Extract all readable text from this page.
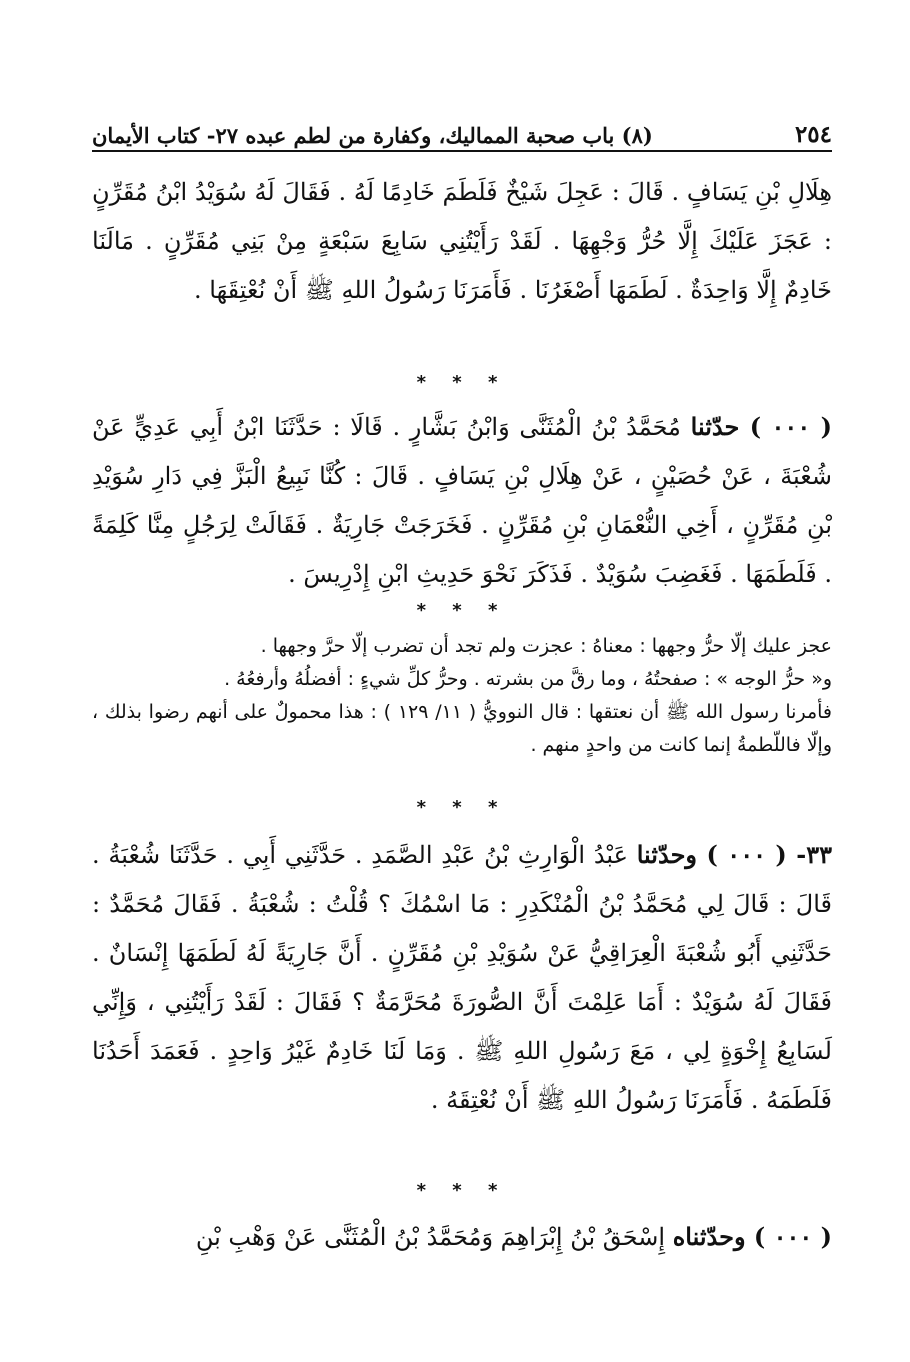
٢٥٤
(٨) باب صحبة المماليك، وكفارة من لطم عبده ٢٧- كتاب الأيمان

هِلَالِ بْنِ يَسَافٍ . قَالَ : عَجِلَ شَيْخٌ فَلَطَمَ خَادِمًا لَهُ . فَقَالَ لَهُ سُوَيْدُ ابْنُ مُقَرِّنٍ : عَجَزَ عَلَيْكَ إِلَّا حُرُّ وَجْهِهَا . لَقَدْ رَأَيْتُنِي سَابِعَ سَبْعَةٍ مِنْ بَنِي مُقَرِّنٍ . مَالَنَا خَادِمٌ إِلَّا وَاحِدَةٌ . لَطَمَهَا أَصْغَرُنَا . فَأَمَرَنَا رَسُولُ اللهِ ﷺ أَنْ نُعْتِقَهَا .

* * *

( ٠٠٠ ) حدّثنا مُحَمَّدُ بْنُ الْمُثَنَّى وَابْنُ بَشَّارٍ . قَالَا : حَدَّثَنَا ابْنُ أَبِي عَدِيٍّ عَنْ شُعْبَةَ ، عَنْ حُصَيْنٍ ، عَنْ هِلَالِ بْنِ يَسَافٍ . قَالَ : كُنَّا نَبِيعُ الْبَزَّ فِي دَارِ سُوَيْدِ بْنِ مُقَرِّنٍ ، أَخِي النُّعْمَانِ بْنِ مُقَرِّنٍ . فَخَرَجَتْ جَارِيَةٌ . فَقَالَتْ لِرَجُلٍ مِنَّا كَلِمَةً . فَلَطَمَهَا . فَغَضِبَ سُوَيْدٌ . فَذَكَرَ نَحْوَ حَدِيثِ ابْنِ إِدْرِيسَ .

* * *

عجز عليك إلّا حرُّ وجهها : معناهُ : عجزت ولم تجد أن تضرب إلّا حرَّ وجهها .

و« حرُّ الوجه » : صفحتُهُ ، وما رقَّ من بشرته . وحرُّ كلِّ شيءٍ : أفضلُهُ وأرفعُهُ .

فأمرنا رسول الله ﷺ أن نعتقها : قال النوويُّ ( ١١/ ١٢٩ ) : هذا محمولٌ على أنهم رضوا بذلك ، وإلّا فاللّطمةُ إنما كانت من واحدٍ منهم .

* * *

٣٣- ( ٠٠٠ ) وحدّثنا عَبْدُ الْوَارِثِ بْنُ عَبْدِ الصَّمَدِ . حَدَّثَنِي أَبِي . حَدَّثَنَا شُعْبَةُ . قَالَ : قَالَ لِي مُحَمَّدُ بْنُ الْمُنْكَدِرِ : مَا اسْمُكَ ؟ قُلْتُ : شُعْبَةُ . فَقَالَ مُحَمَّدٌ : حَدَّثَنِي أَبُو شُعْبَةَ الْعِرَاقِيُّ عَنْ سُوَيْدِ بْنِ مُقَرِّنٍ . أَنَّ جَارِيَةً لَهُ لَطَمَهَا إِنْسَانٌ . فَقَالَ لَهُ سُوَيْدٌ : أَمَا عَلِمْتَ أَنَّ الصُّورَةَ مُحَرَّمَةٌ ؟ فَقَالَ : لَقَدْ رَأَيْتُنِي ، وَإِنِّي لَسَابِعُ إِخْوَةٍ لِي ، مَعَ رَسُولِ اللهِ ﷺ . وَمَا لَنَا خَادِمٌ غَيْرُ وَاحِدٍ . فَعَمَدَ أَحَدُنَا فَلَطَمَهُ . فَأَمَرَنَا رَسُولُ اللهِ ﷺ أَنْ نُعْتِقَهُ .

* * *

( ٠٠٠ ) وحدّثناه إِسْحَقُ بْنُ إِبْرَاهِمَ وَمُحَمَّدُ بْنُ الْمُثَنَّى عَنْ وَهْبِ بْنِ
